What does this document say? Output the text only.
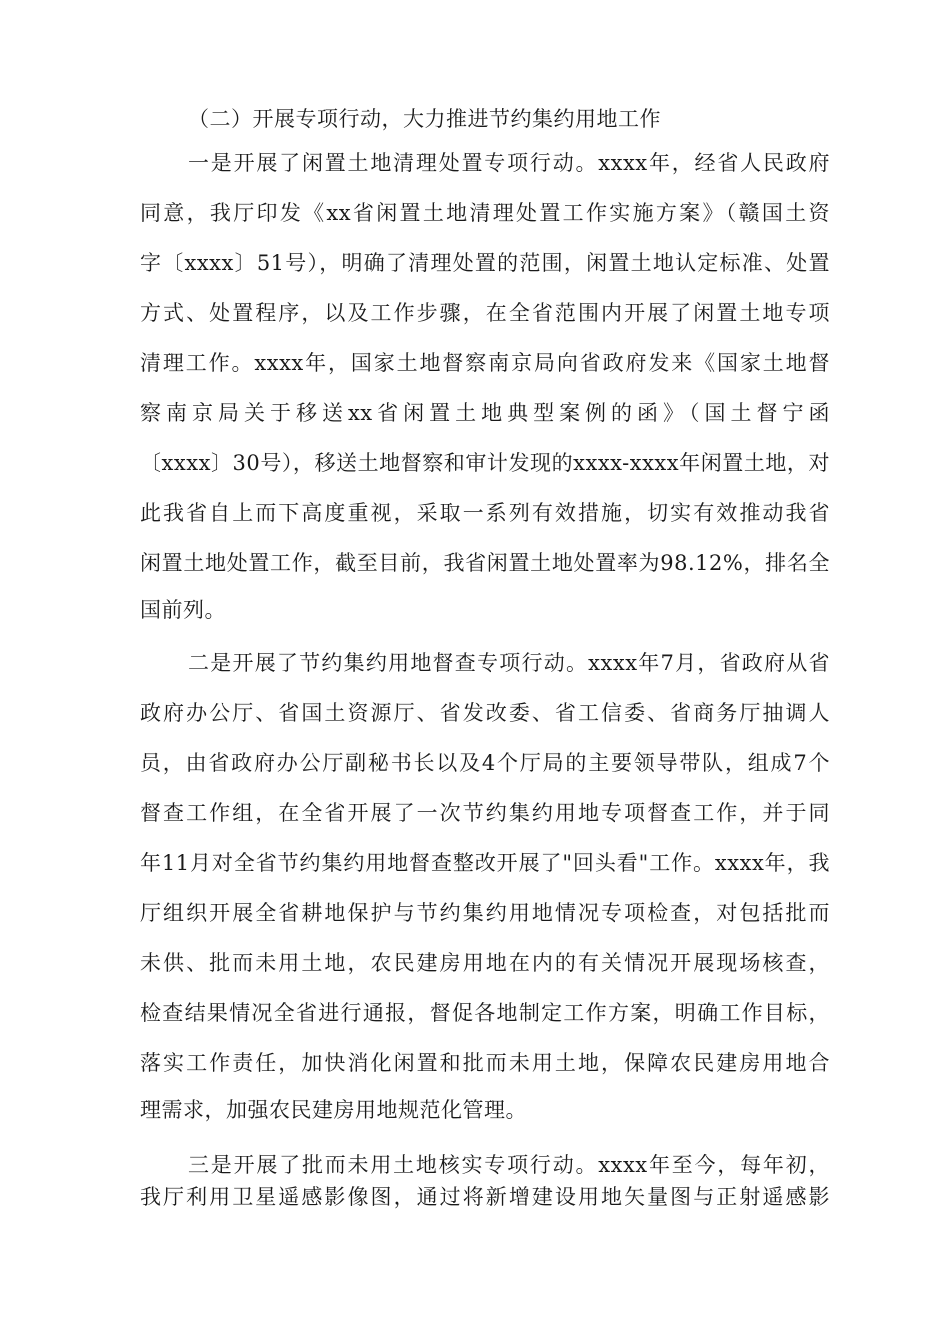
（二）开展专项行动，大力推进节约集约用地工作
一是开展了闲置土地清理处置专项行动。xxxx年，经省人民政府
同意，我厅印发《xx省闲置土地清理处置工作实施方案》（赣国土资
字〔xxxx〕51号），明确了清理处置的范围，闲置土地认定标准、处置
方式、处置程序，以及工作步骤，在全省范围内开展了闲置土地专项
清理工作。xxxx年，国家土地督察南京局向省政府发来《国家土地督
察南京局关于移送xx省闲置土地典型案例的函》（国土督宁函
〔xxxx〕30号），移送土地督察和审计发现的xxxx-xxxx年闲置土地，对
此我省自上而下高度重视，采取一系列有效措施，切实有效推动我省
闲置土地处置工作，截至目前，我省闲置土地处置率为98.12%，排名全
国前列。
二是开展了节约集约用地督查专项行动。xxxx年7月，省政府从省
政府办公厅、省国土资源厅、省发改委、省工信委、省商务厅抽调人
员，由省政府办公厅副秘书长以及4个厅局的主要领导带队，组成7个
督查工作组，在全省开展了一次节约集约用地专项督查工作，并于同
年11月对全省节约集约用地督查整改开展了"回头看"工作。xxxx年，我
厅组织开展全省耕地保护与节约集约用地情况专项检查，对包括批而
未供、批而未用土地，农民建房用地在内的有关情况开展现场核查，
检查结果情况全省进行通报，督促各地制定工作方案，明确工作目标，
落实工作责任，加快消化闲置和批而未用土地，保障农民建房用地合
理需求，加强农民建房用地规范化管理。
三是开展了批而未用土地核实专项行动。xxxx年至今，每年初，
我厅利用卫星遥感影像图，通过将新增建设用地矢量图与正射遥感影
